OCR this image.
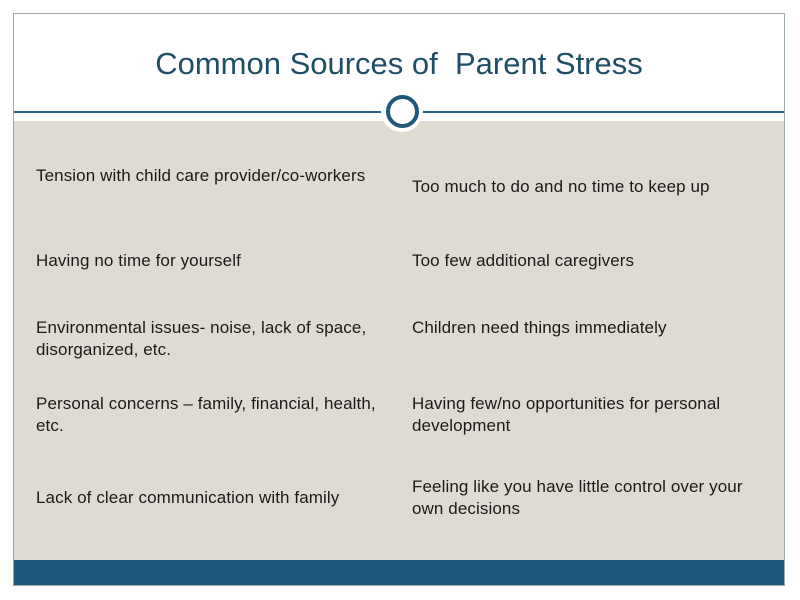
Common Sources of  Parent Stress
Tension with child care provider/co-workers
Having no time for yourself
Environmental issues- noise, lack of space, disorganized, etc.
Personal concerns – family, financial, health, etc.
Lack of clear communication with family
Too much to do and no time to keep up
Too few additional caregivers
Children need things immediately
Having few/no opportunities for personal development
Feeling like you have little control over your own decisions
